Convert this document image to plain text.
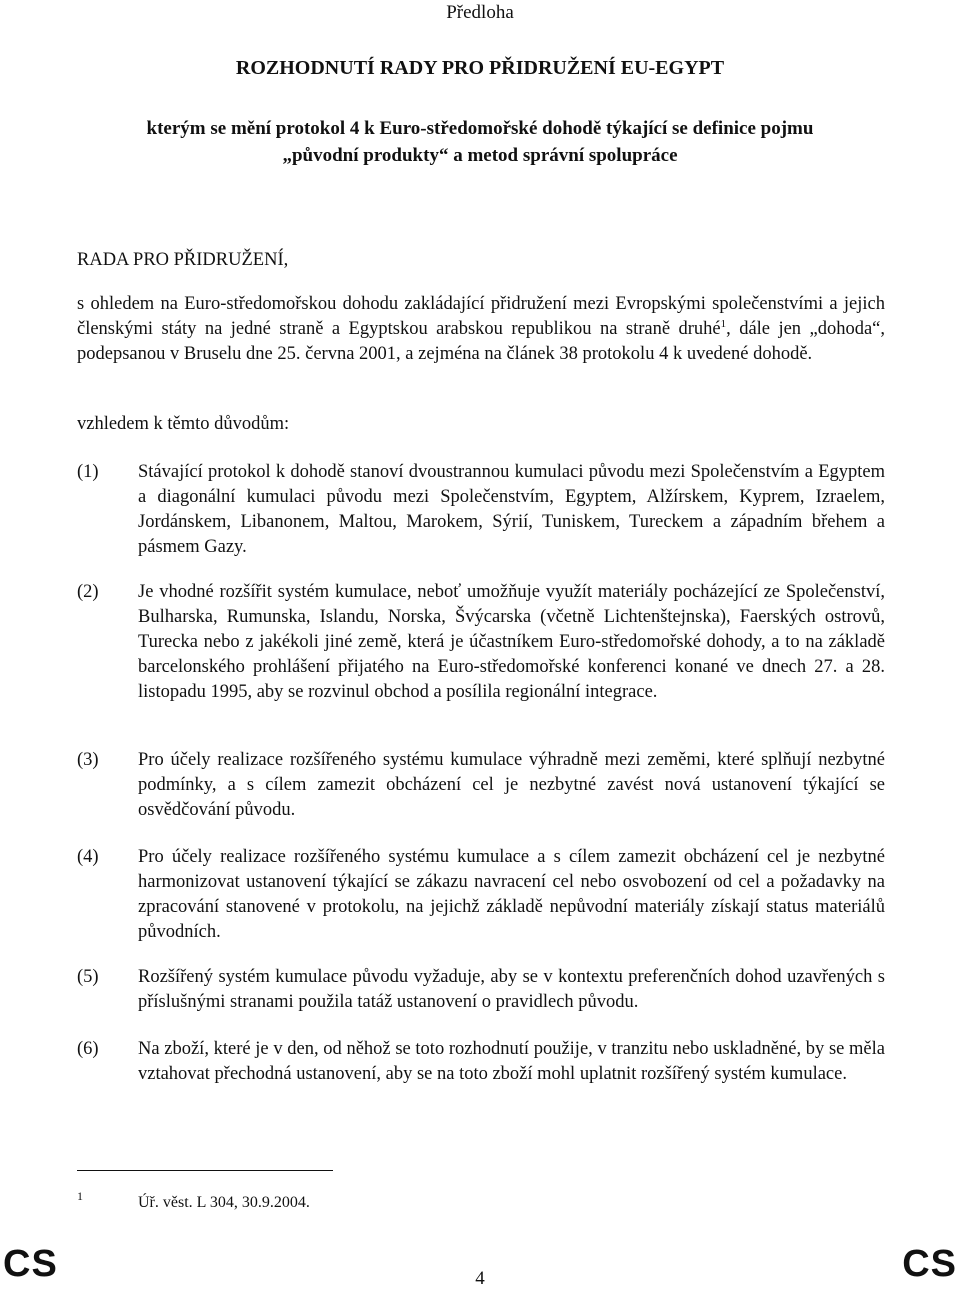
Předloha
ROZHODNUTÍ RADY PRO PŘIDRUŽENÍ EU-EGYPT
kterým se mění protokol 4 k Euro-středomořské dohodě týkající se definice pojmu
„původní produkty“ a metod správní spolupráce
RADA PRO PŘIDRUŽENÍ,
s ohledem na Euro-středomořskou dohodu zakládající přidružení mezi Evropskými společenstvími a jejich členskými státy na jedné straně a Egyptskou arabskou republikou na straně druhé$^1$, dále jen „dohoda“, podepsanou v Bruselu dne 25. června 2001, a zejména na článek 38 protokolu 4 k uvedené dohodě.
vzhledem k těmto důvodům:
(1) Stávající protokol k dohodě stanoví dvoustrannou kumulaci původu mezi Společenstvím a Egyptem a diagonální kumulaci původu mezi Společenstvím, Egyptem, Alžírskem, Kyprem, Izraelem, Jordánskem, Libanonem, Maltou, Marokem, Sýrií, Tuniskem, Tureckem a západním břehem a pásmem Gazy.
(2) Je vhodné rozšířit systém kumulace, neboť umožňuje využít materiály pocházející ze Společenství, Bulharska, Rumunska, Islandu, Norska, Švýcarska (včetně Lichtenštejnska), Faerských ostrovů, Turecka nebo z jakékoli jiné země, která je účastníkem Euro-středomořské dohody, a to na základě barcelonského prohlášení přijatého na Euro-středomořské konferenci konané ve dnech 27. a 28. listopadu 1995, aby se rozvinul obchod a posílila regionální integrace.
(3) Pro účely realizace rozšířeného systému kumulace výhradně mezi zeměmi, které splňují nezbytné podmínky, a s cílem zamezit obcházení cel je nezbytné zavést nová ustanovení týkající se osvědčování původu.
(4) Pro účely realizace rozšířeného systému kumulace a s cílem zamezit obcházení cel je nezbytné harmonizovat ustanovení týkající se zákazu navracení cel nebo osvobození od cel a požadavky na zpracování stanovené v protokolu, na jejichž základě nepůvodní materiály získají status materiálů původních.
(5) Rozšířený systém kumulace původu vyžaduje, aby se v kontextu preferenčních dohod uzavřených s příslušnými stranami použila tatáž ustanovení o pravidlech původu.
(6) Na zboží, které je v den, od něhož se toto rozhodnutí použije, v tranzitu nebo uskladněné, by se měla vztahovat přechodná ustanovení, aby se na toto zboží mohl uplatnit rozšířený systém kumulace.
1	Úř. věst. L 304, 30.9.2004.
CS	4	CS
